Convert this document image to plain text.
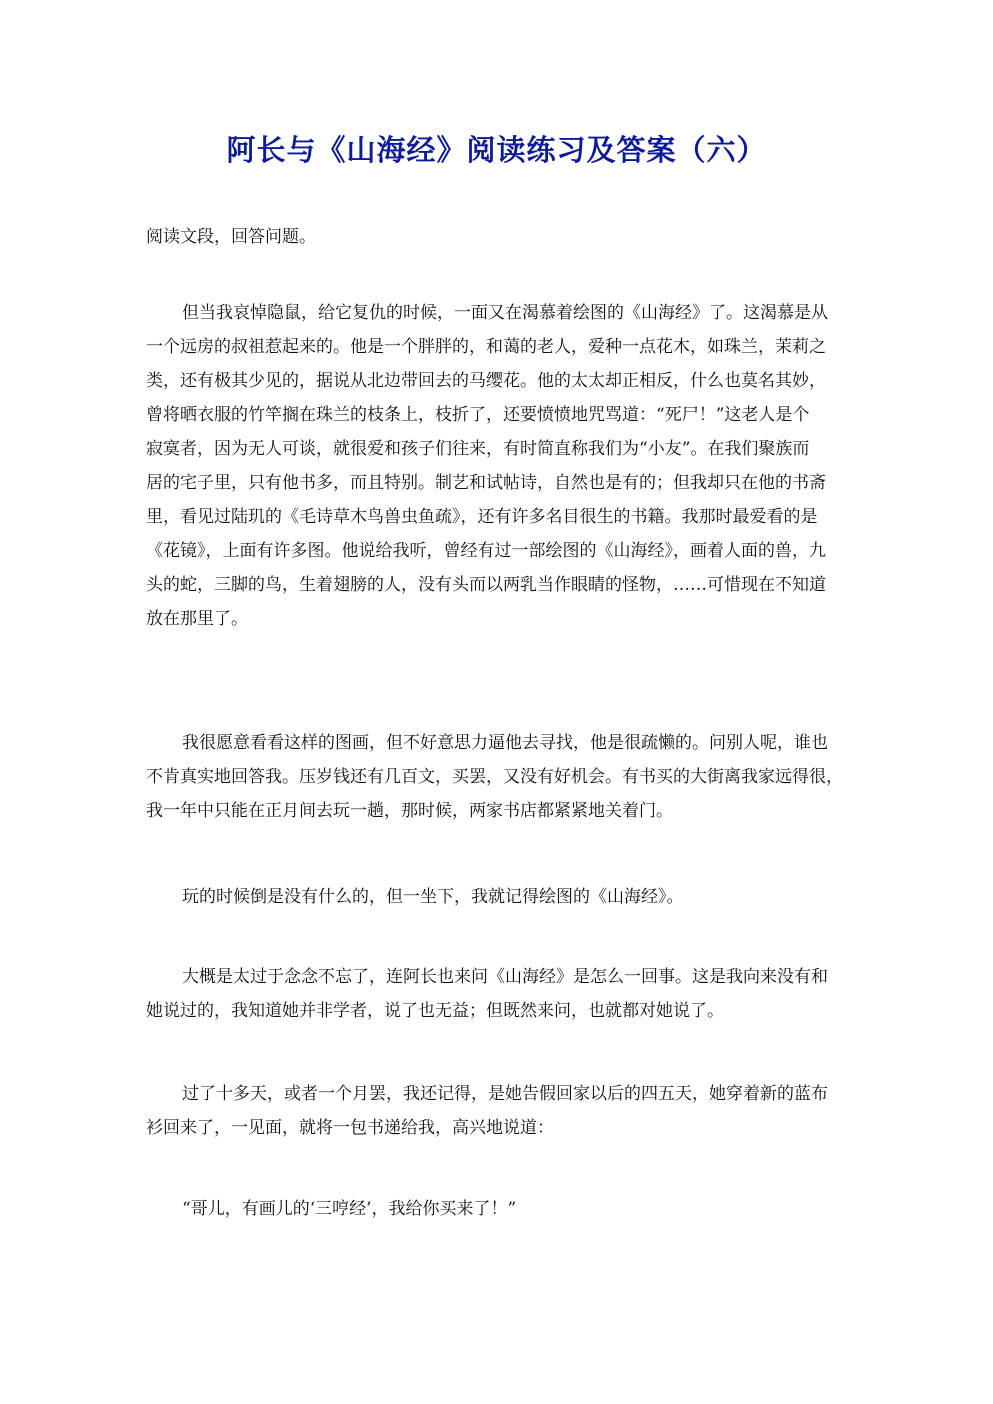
阿长与《山海经》阅读练习及答案（六）
阅读文段，回答问题。
但当我哀悼隐鼠，给它复仇的时候，一面又在渴慕着绘图的《山海经》了。这渴慕是从
一个远房的叔祖惹起来的。他是一个胖胖的，和蔼的老人，爱种一点花木，如珠兰，茉莉之
类，还有极其少见的，据说从北边带回去的马缨花。他的太太却正相反，什么也莫名其妙，
曾将晒衣服的竹竿搁在珠兰的枝条上，枝折了，还要愤愤地咒骂道：“死尸！”这老人是个
寂寞者，因为无人可谈，就很爱和孩子们往来，有时简直称我们为“小友”。在我们聚族而
居的宅子里，只有他书多，而且特别。制艺和试帖诗，自然也是有的；但我却只在他的书斋
里，看见过陆玑的《毛诗草木鸟兽虫鱼疏》，还有许多名目很生的书籍。我那时最爱看的是
《花镜》，上面有许多图。他说给我听，曾经有过一部绘图的《山海经》，画着人面的兽，九
头的蛇，三脚的鸟，生着翅膀的人，没有头而以两乳当作眼睛的怪物，……可惜现在不知道
放在那里了。
我很愿意看看这样的图画，但不好意思力逼他去寻找，他是很疏懒的。问别人呢，谁也
不肯真实地回答我。压岁钱还有几百文，买罢，又没有好机会。有书买的大街离我家远得很，
我一年中只能在正月间去玩一趟，那时候，两家书店都紧紧地关着门。
玩的时候倒是没有什么的，但一坐下，我就记得绘图的《山海经》。
大概是太过于念念不忘了，连阿长也来问《山海经》是怎么一回事。这是我向来没有和
她说过的，我知道她并非学者，说了也无益；但既然来问，也就都对她说了。
过了十多天，或者一个月罢，我还记得，是她告假回家以后的四五天，她穿着新的蓝布
衫回来了，一见面，就将一包书递给我，高兴地说道：
“哥儿，有画儿的‘三哼经’，我给你买来了！”
